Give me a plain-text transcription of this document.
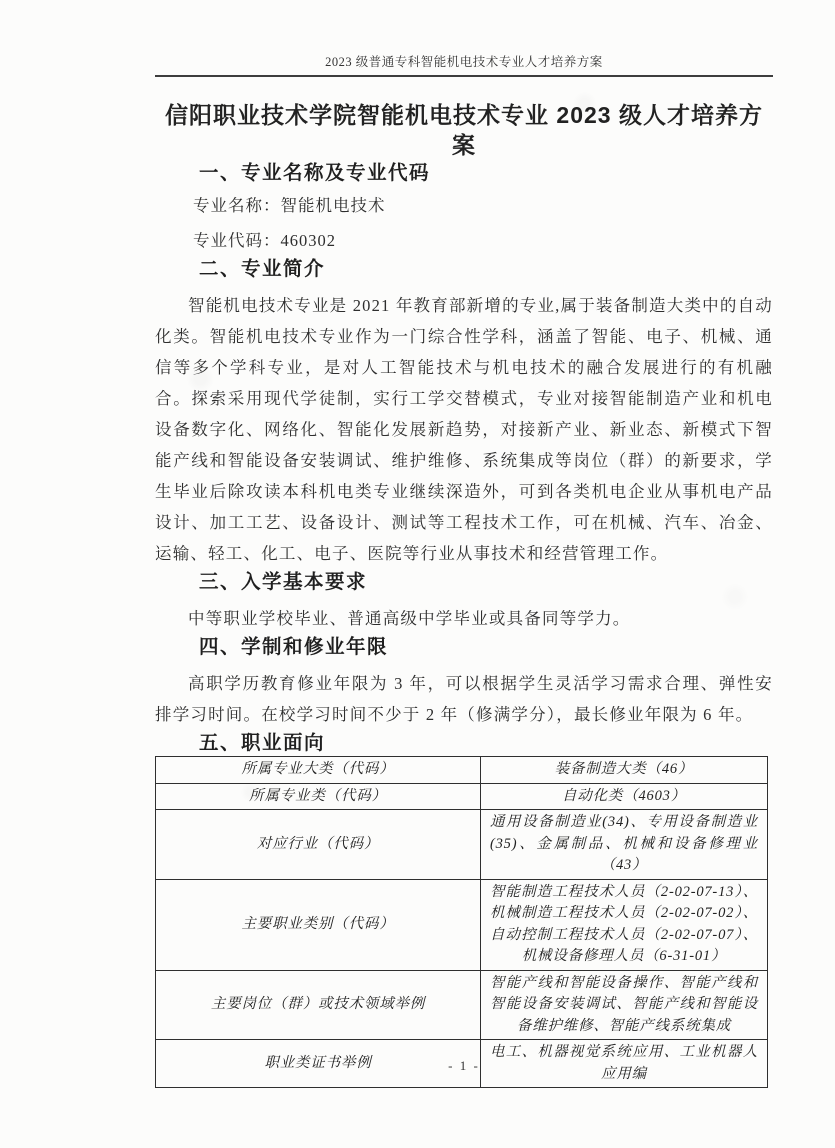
2023 级普通专科智能机电技术专业人才培养方案
信阳职业技术学院智能机电技术专业 2023 级人才培养方案
一、专业名称及专业代码

专业名称：智能机电技术

专业代码：460302

二、专业简介

智能机电技术专业是 2021 年教育部新增的专业,属于装备制造大类中的自动化类。智能机电技术专业作为一门综合性学科，涵盖了智能、电子、机械、通信等多个学科专业，是对人工智能技术与机电技术的融合发展进行的有机融合。探索采用现代学徒制，实行工学交替模式，专业对接智能制造产业和机电设备数字化、网络化、智能化发展新趋势，对接新产业、新业态、新模式下智能产线和智能设备安装调试、维护维修、系统集成等岗位（群）的新要求，学生毕业后除攻读本科机电类专业继续深造外，可到各类机电企业从事机电产品设计、加工工艺、设备设计、测试等工程技术工作，可在机械、汽车、冶金、运输、轻工、化工、电子、医院等行业从事技术和经营管理工作。

三、入学基本要求

中等职业学校毕业、普通高级中学毕业或具备同等学力。

四、学制和修业年限

高职学历教育修业年限为 3 年，可以根据学生灵活学习需求合理、弹性安排学习时间。在校学习时间不少于 2 年（修满学分），最长修业年限为 6 年。

五、职业面向
所属专业大类（代码）	装备制造大类（46）
所属专业类（代码）	自动化类（4603）
对应行业（代码）	通用设备制造业(34)、专用设备制造业(35)、金属制品、机械和设备修理业（43）
主要职业类别（代码）	智能制造工程技术人员（2-02-07-13）、机械制造工程技术人员（2-02-07-02）、自动控制工程技术人员（2-02-07-07）、 机械设备修理人员（6-31-01）
主要岗位（群）或技术领域举例	智能产线和智能设备操作、智能产线和智能设备安装调试、智能产线和智能设备维护维修、智能产线系统集成
职业类证书举例	电工、机器视觉系统应用、工业机器人应用编
- 1 -
